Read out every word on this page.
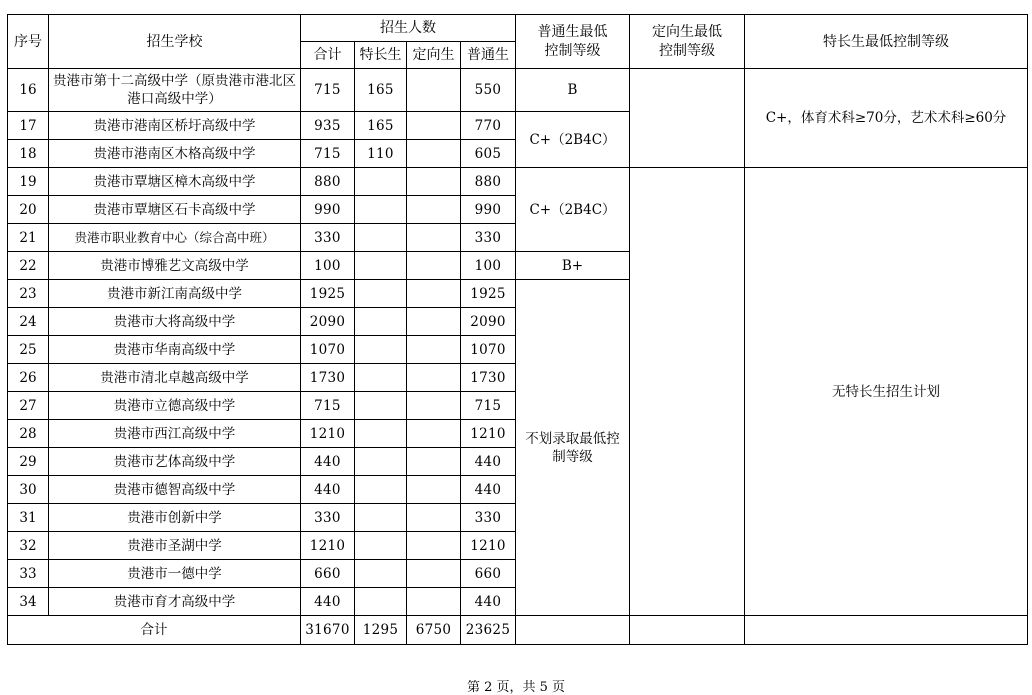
序号	招生学校	招生人数				普通生最低控制等级	定向生最低控制等级	特长生最低控制等级
		合计	特长生	定向生	普通生			
16	贵港市第十二高级中学（原贵港市港北区港口高级中学）	715	165		550	B		C+，体育术科≥70分，艺术术科≥60分
17	贵港市港南区桥圩高级中学	935	165		770	C+（2B4C）		
18	贵港市港南区木格高级中学	715	110		605			
19	贵港市覃塘区樟木高级中学	880			880	C+（2B4C）		无特长生招生计划
20	贵港市覃塘区石卡高级中学	990			990			
21	贵港市职业教育中心（综合高中班）	330			330			
22	贵港市博雅艺文高级中学	100			100	B+		
23	贵港市新江南高级中学	1925			1925	不划录取最低控制等级		
24	贵港市大将高级中学	2090			2090			
25	贵港市华南高级中学	1070			1070			
26	贵港市清北卓越高级中学	1730			1730			
27	贵港市立德高级中学	715			715			
28	贵港市西江高级中学	1210			1210			
29	贵港市艺体高级中学	440			440			
30	贵港市德智高级中学	440			440			
31	贵港市创新中学	330			330			
32	贵港市圣湖中学	1210			1210			
33	贵港市一德中学	660			660			
34	贵港市育才高级中学	440			440			
合计		31670	1295	6750	23625			
第 2 页，共 5 页
